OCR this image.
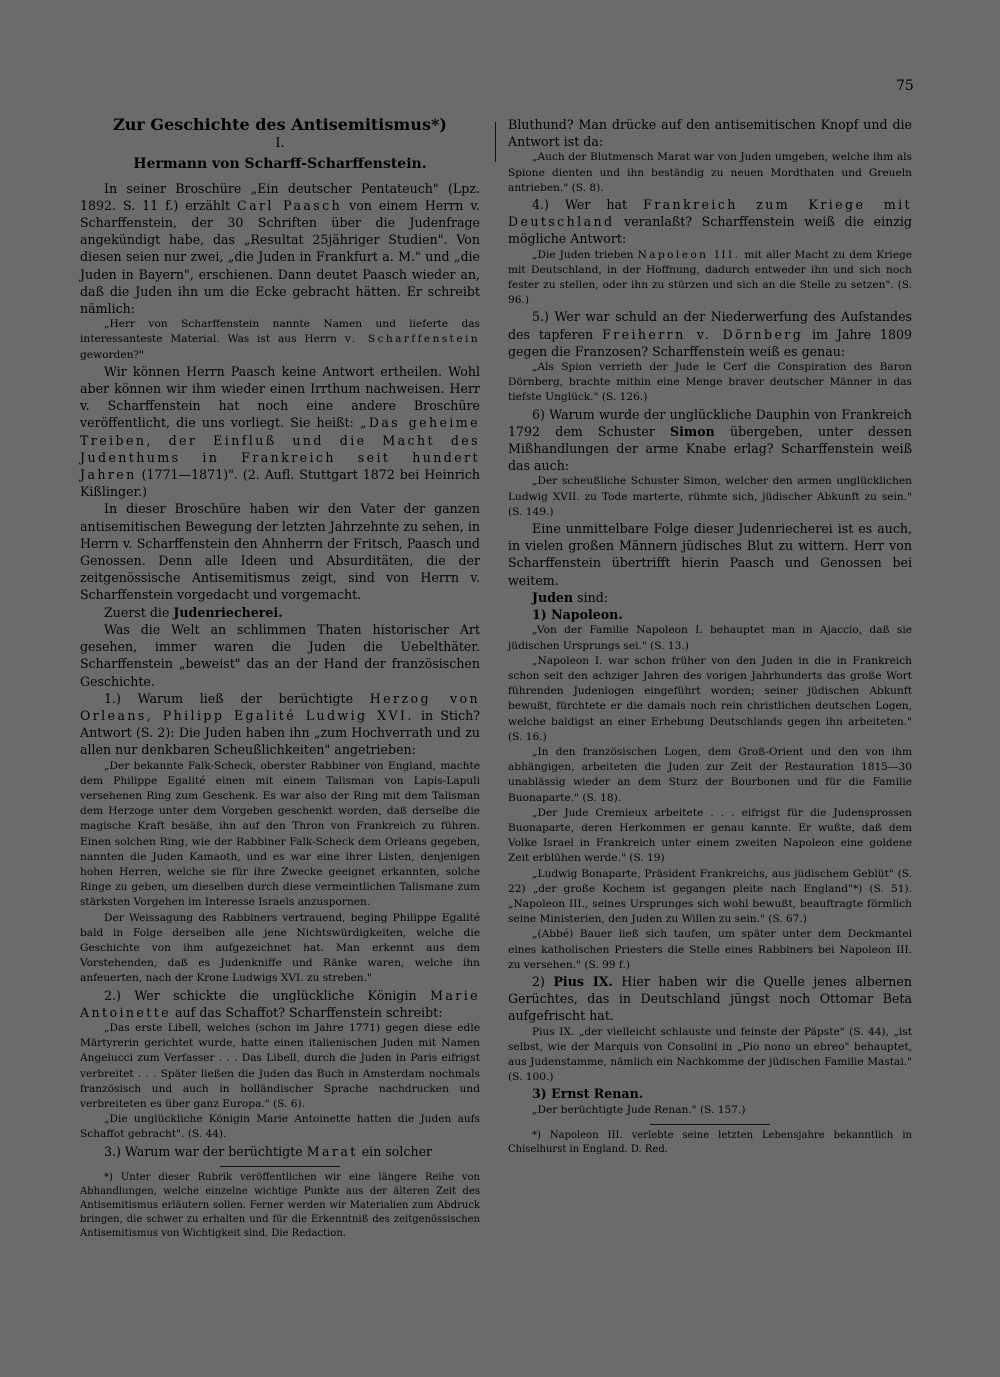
75

Zur Geschichte des Antisemitismus*)

I.

Hermann von Scharff-Scharffenstein.

In seiner Broschüre „Ein deutscher Pentateuch" (Lpz. 1892. S. 11 f.) erzählt Carl Paasch von einem Herrn v. Scharffenstein, der 30 Schriften über die Judenfrage angekündigt habe, das „Resultat 25jähriger Studien". Von diesen seien nur zwei, „die Juden in Frankfurt a. M." und „die Juden in Bayern", erschienen. Dann deutet Paasch wieder an, daß die Juden ihn um die Ecke gebracht hätten. Er schreibt nämlich:

„Herr von Scharffenstein nannte Namen und lieferte das interessanteste Material. Was ist aus Herrn v. Scharffenstein geworden?"

Wir können Herrn Paasch keine Antwort ertheilen. Wohl aber können wir ihm wieder einen Irrthum nachweisen. Herr v. Scharffenstein hat noch eine andere Broschüre veröffentlicht, die uns vorliegt. Sie heißt: „Das geheime Treiben, der Einfluß und die Macht des Judenthums in Frankreich seit hundert Jahren (1771—1871)". (2. Aufl. Stuttgart 1872 bei Heinrich Kißlinger.)

In dieser Broschüre haben wir den Vater der ganzen antisemitischen Bewegung der letzten Jahrzehnte zu sehen, in Herrn v. Scharffenstein den Ahnherrn der Fritsch, Paasch und Genossen. Denn alle Ideen und Absurditäten, die der zeitgenössische Antisemitismus zeigt, sind von Herrn v. Scharffenstein vorgedacht und vorgemacht.

Zuerst die Judenriecherei.

Was die Welt an schlimmen Thaten historischer Art gesehen, immer waren die Juden die Uebelthäter. Scharffenstein „beweist" das an der Hand der französischen Geschichte.

1.) Warum ließ der berüchtigte Herzog von Orleans, Philipp Egalité Ludwig XVI. in Stich? Antwort (S. 2): Die Juden haben ihn „zum Hochverrath und zu allen nur denkbaren Scheußlichkeiten" angetrieben:

„Der bekannte Falk-Scheck, oberster Rabbiner von England, machte dem Philippe Egalité einen mit einem Talisman von Lapis-Lapuli versehenen Ring zum Geschenk. Es war also der Ring mit dem Talisman dem Herzoge unter dem Vorgeben geschenkt worden, daß derselbe die magische Kraft besäße, ihn auf den Thron von Frankreich zu führen. Einen solchen Ring, wie der Rabbiner Falk-Scheck dem Orleans gegeben, nannten die Juden Kamaoth, und es war eine ihrer Listen, denjenigen hohen Herren, welche sie für ihre Zwecke geeignet erkannten, solche Ringe zu geben, um dieselben durch diese vermeintlichen Talismane zum stärksten Vorgehen im Interesse Israels anzuspornen.

Der Weissagung des Rabbiners vertrauend, beging Philippe Egalité bald in Folge derselben alle jene Nichtswürdigkeiten, welche die Geschichte von ihm aufgezeichnet hat. Man erkennt aus dem Vorstehenden, daß es Judenkniffe und Ränke waren, welche ihn anfeuerten, nach der Krone Ludwigs XVI. zu streben."

2.) Wer schickte die unglückliche Königin Marie Antoinette auf das Schaffot? Scharffenstein schreibt:

„Das erste Libell, welches (schon im Jahre 1771) gegen diese edle Märtyrerin gerichtet wurde, hatte einen italienischen Juden mit Namen Angelucci zum Verfasser . . . Das Libell, durch die Juden in Paris eifrigst verbreitet . . . Später ließen die Juden das Buch in Amsterdam nochmals französisch und auch in holländischer Sprache nachdrucken und verbreiteten es über ganz Europa." (S. 6).

„Die unglückliche Königin Marie Antoinette hatten die Juden aufs Schaffot gebracht". (S. 44).

3.) Warum war der berüchtigte Marat ein solcher

*) Unter dieser Rubrik veröffentlichen wir eine längere Reihe von Abhandlungen, welche einzelne wichtige Punkte aus der älteren Zeit des Antisemitismus erläutern sollen. Ferner werden wir Materialien zum Abdruck bringen, die schwer zu erhalten und für die Erkenntniß des zeitgenössischen Antisemitismus von Wichtigkeit sind. Die Redaction.

Bluthund? Man drücke auf den antisemitischen Knopf und die Antwort ist da:

„Auch der Blutmensch Marat war von Juden umgeben, welche ihm als Spione dienten und ihn beständig zu neuen Mordthaten und Greueln antrieben." (S. 8).

4.) Wer hat Frankreich zum Kriege mit Deutschland veranlaßt? Scharffenstein weiß die einzig mögliche Antwort:

„Die Juden trieben Napoleon III. mit aller Macht zu dem Kriege mit Deutschland, in der Hoffnung, dadurch entweder ihn und sich noch fester zu stellen, oder ihn zu stürzen und sich an die Stelle zu setzen". (S. 96.)

5.) Wer war schuld an der Niederwerfung des Aufstandes des tapferen Freiherrn v. Dörnberg im Jahre 1809 gegen die Franzosen? Scharffenstein weiß es genau:

„Als Spion verrieth der Jude le Cerf die Conspiration des Baron Dörnberg, brachte mithin eine Menge braver deutscher Männer in das tiefste Unglück." (S. 126.)

6) Warum wurde der unglückliche Dauphin von Frankreich 1792 dem Schuster Simon übergeben, unter dessen Mißhandlungen der arme Knabe erlag? Scharffenstein weiß das auch:

„Der scheußliche Schuster Simon, welcher den armen unglücklichen Ludwig XVII. zu Tode marterte, rühmte sich, jüdischer Abkunft zu sein." (S. 149.)

Eine unmittelbare Folge dieser Judenriecherei ist es auch, in vielen großen Männern jüdisches Blut zu wittern. Herr von Scharffenstein übertrifft hierin Paasch und Genossen bei weitem.

Juden sind:

1) Napoleon.

„Von der Familie Napoleon I. behauptet man in Ajaccio, daß sie jüdischen Ursprungs sei." (S. 13.)

„Napoleon I. war schon früher von den Juden in die in Frankreich schon seit den achziger Jahren des vorigen Jahrhunderts das große Wort führenden Judenlogen eingeführt worden; seiner jüdischen Abkunft bewußt, fürchtete er die damals noch rein christlichen deutschen Logen, welche baldigst an einer Erhebung Deutschlands gegen ihn arbeiteten." (S. 16.)

„In den französischen Logen, dem Groß-Orient und den von ihm abhängigen, arbeiteten die Juden zur Zeit der Restauration 1815—30 unablässig wieder an dem Sturz der Bourbonen und für die Familie Buonaparte." (S. 18).

„Der Jude Cremieux arbeitete . . . eifrigst für die Judensprossen Buonaparte, deren Herkommen er genau kannte. Er wußte, daß dem Volke Israel in Frankreich unter einem zweiten Napoleon eine goldene Zeit erblühen werde." (S. 19)

„Ludwig Bonaparte, Präsident Frankreichs, aus jüdischem Geblüt" (S. 22) „der große Kochem ist gegangen pleite nach England"*) (S. 51). „Napoleon III., seines Ursprunges sich wohl bewußt, beauftragte förmlich seine Ministerien, den Juden zu Willen zu sein." (S. 67.)

„(Abbé) Bauer ließ sich taufen, um später unter dem Deckmantel eines katholischen Priesters die Stelle eines Rabbiners bei Napoleon III. zu versehen." (S. 99 f.)

2) Pius IX. Hier haben wir die Quelle jenes albernen Gerüchtes, das in Deutschland jüngst noch Ottomar Beta aufgefrischt hat.

Pius IX. „der vielleicht schlauste und feinste der Päpste" (S. 44), „ist selbst, wie der Marquis von Consolini in „Pio nono un ebreo" behauptet, aus Judenstamme, nämlich ein Nachkomme der jüdischen Familie Mastai." (S. 100.)

3) Ernst Renan.

„Der berüchtigte Jude Renan." (S. 157.)

*) Napoleon III. verlebte seine letzten Lebensjahre bekanntlich in Chiselhurst in England. D. Red.
